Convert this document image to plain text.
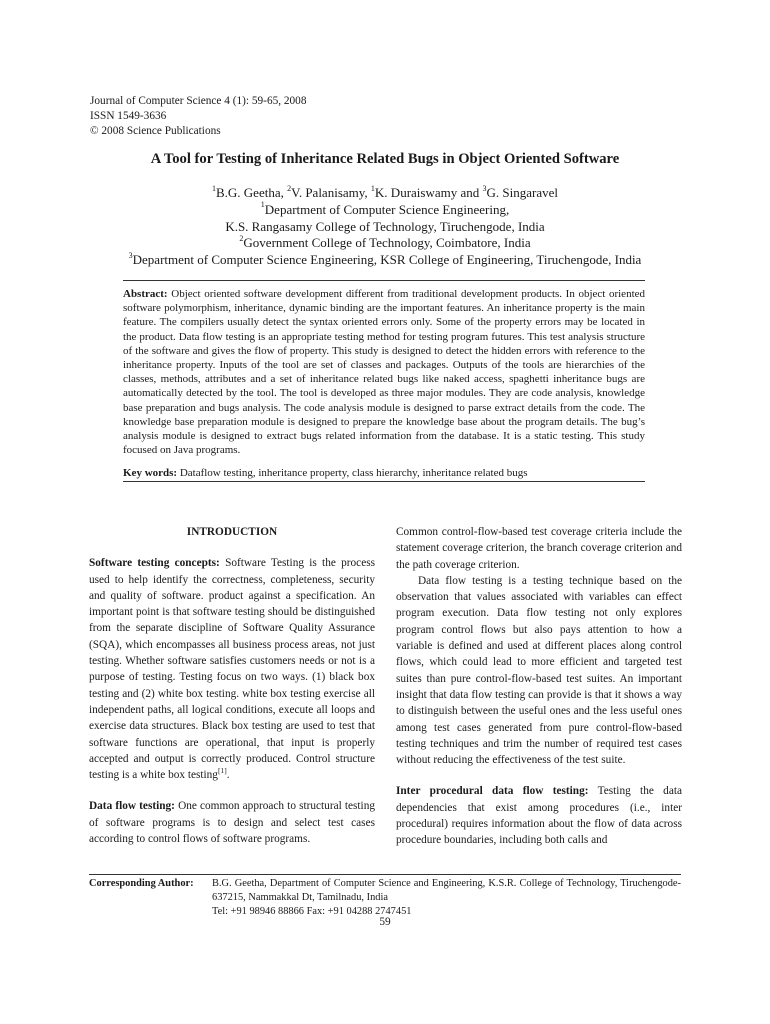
Journal of Computer Science 4 (1): 59-65, 2008
ISSN 1549-3636
© 2008 Science Publications
A Tool for Testing of Inheritance Related Bugs in Object Oriented Software
$^1$B.G. Geetha, $^2$V. Palanisamy, $^1$K. Duraiswamy and $^3$G. Singaravel
$^1$Department of Computer Science Engineering,
K.S. Rangasamy College of Technology, Tiruchengode, India
$^2$Government College of Technology, Coimbatore, India
$^3$Department of Computer Science Engineering, KSR College of Engineering, Tiruchengode, India

Abstract: Object oriented software development different from traditional development products. In object oriented software polymorphism, inheritance, dynamic binding are the important features. An inheritance property is the main feature. The compilers usually detect the syntax oriented errors only. Some of the property errors may be located in the product. Data flow testing is an appropriate testing method for testing program futures. This test analysis structure of the software and gives the flow of property. This study is designed to detect the hidden errors with reference to the inheritance property. Inputs of the tool are set of classes and packages. Outputs of the tools are hierarchies of the classes, methods, attributes and a set of inheritance related bugs like naked access, spaghetti inheritance bugs are automatically detected by the tool. The tool is developed as three major modules. They are code analysis, knowledge base preparation and bugs analysis. The code analysis module is designed to parse extract details from the code. The knowledge base preparation module is designed to prepare the knowledge base about the program details. The bug’s analysis module is designed to extract bugs related information from the database. It is a static testing. This study focused on Java programs.

Key words: Dataflow testing, inheritance property, class hierarchy, inheritance related bugs

INTRODUCTION

Software testing concepts: Software Testing is the process used to help identify the correctness, completeness, security and quality of software. product against a specification. An important point is that software testing should be distinguished from the separate discipline of Software Quality Assurance (SQA), which encompasses all business process areas, not just testing. Whether software satisfies customers needs or not is a purpose of testing. Testing focus on two ways. (1) black box testing and (2) white box testing. white box testing exercise all independent paths, all logical conditions, execute all loops and exercise data structures. Black box testing are used to test that software functions are operational, that input is properly accepted and output is correctly produced. Control structure testing is a white box testing[1].

Data flow testing: One common approach to structural testing of software programs is to design and select test cases according to control flows of software programs.

Common control-flow-based test coverage criteria include the statement coverage criterion, the branch coverage criterion and the path coverage criterion.

Data flow testing is a testing technique based on the observation that values associated with variables can effect program execution. Data flow testing not only explores program control flows but also pays attention to how a variable is defined and used at different places along control flows, which could lead to more efficient and targeted test suites than pure control-flow-based test suites. An important insight that data flow testing can provide is that it shows a way to distinguish between the useful ones and the less useful ones among test cases generated from pure control-flow-based testing techniques and trim the number of required test cases without reducing the effectiveness of the test suite.

Inter procedural data flow testing: Testing the data dependencies that exist among procedures (i.e., inter procedural) requires information about the flow of data across procedure boundaries, including both calls and

Corresponding Author: B.G. Geetha, Department of Computer Science and Engineering, K.S.R. College of Technology, Tiruchengode-637215, Nammakkal Dt, Tamilnadu, India
Tel: +91 98946 88866 Fax: +91 04288 2747451
59
